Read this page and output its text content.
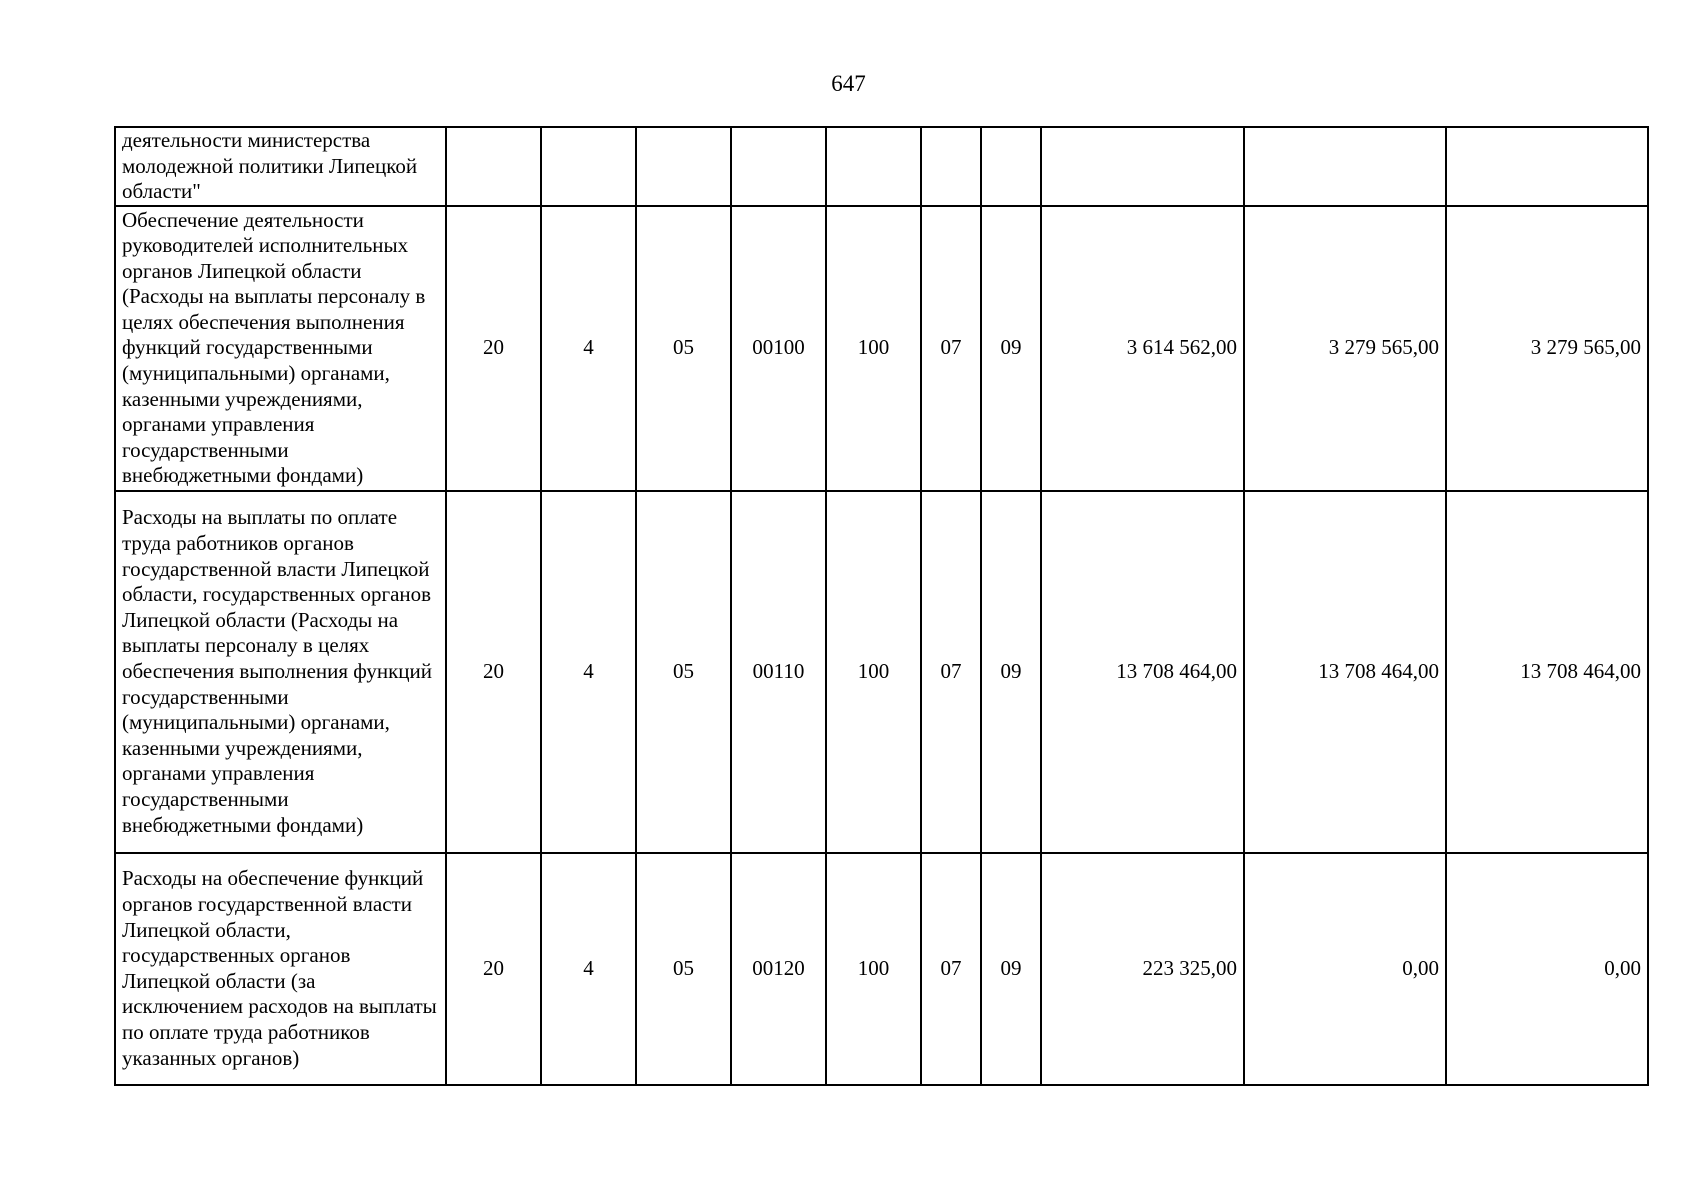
647
деятельности министерства молодежной политики Липецкой области"										
Обеспечение деятельности руководителей исполнительных органов Липецкой области (Расходы на выплаты персоналу в целях обеспечения выполнения функций государственными (муниципальными) органами, казенными учреждениями, органами управления государственными внебюджетными фондами)	20	4	05	00100	100	07	09	3 614 562,00	3 279 565,00	3 279 565,00
Расходы на выплаты по оплате труда работников органов государственной власти Липецкой области, государственных органов Липецкой области (Расходы на выплаты персоналу в целях обеспечения выполнения функций государственными (муниципальными) органами, казенными учреждениями, органами управления государственными внебюджетными фондами)	20	4	05	00110	100	07	09	13 708 464,00	13 708 464,00	13 708 464,00
Расходы на обеспечение функций органов государственной власти Липецкой области, государственных органов Липецкой области (за исключением расходов на выплаты по оплате труда работников указанных органов)	20	4	05	00120	100	07	09	223 325,00	0,00	0,00
